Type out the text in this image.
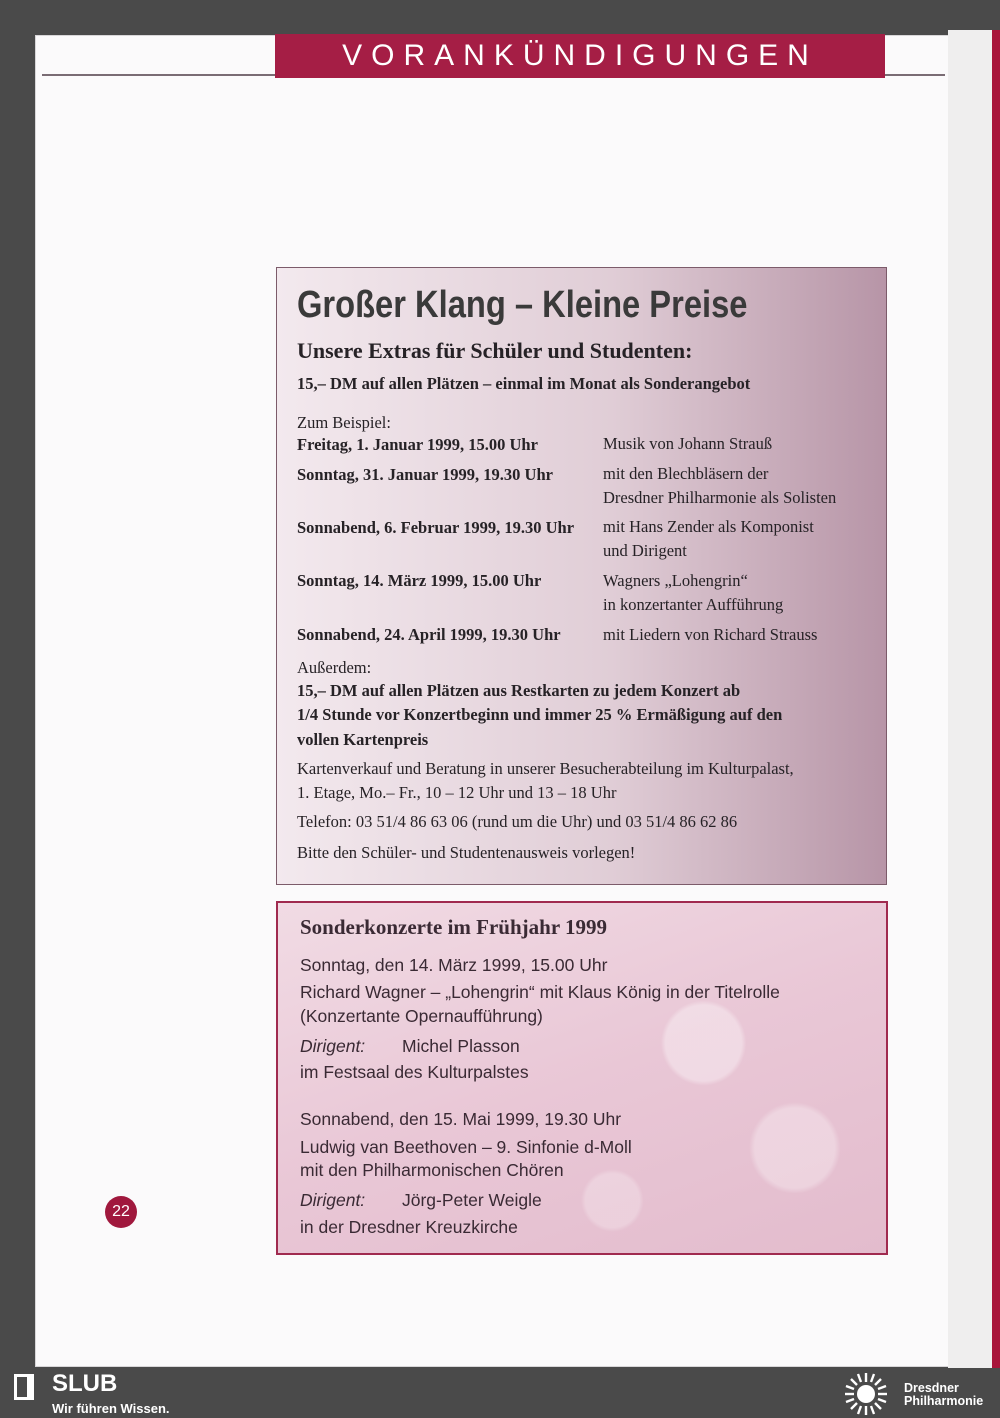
VORANKÜNDIGUNGEN
Großer Klang – Kleine Preise
Unsere Extras für Schüler und Studenten:
15,– DM auf allen Plätzen – einmal im Monat als Sonderangebot
Zum Beispiel:
Freitag, 1. Januar 1999, 15.00 Uhr	Musik von Johann Strauß
Sonntag, 31. Januar 1999, 19.30 Uhr	mit den Blechbläsern der
Dresdner Philharmonie als Solisten
Sonnabend, 6. Februar 1999, 19.30 Uhr mit Hans Zender als Komponist
und Dirigent
Sonntag, 14. März 1999, 15.00 Uhr	Wagners „Lohengrin“
in konzertanter Aufführung
Sonnabend, 24. April 1999, 19.30 Uhr	mit Liedern von Richard Strauss
Außerdem:
15,– DM auf allen Plätzen aus Restkarten zu jedem Konzert ab
1/4 Stunde vor Konzertbeginn und immer 25 % Ermäßigung auf den
vollen Kartenpreis
Kartenverkauf und Beratung in unserer Besucherabteilung im Kulturpalast,
1. Etage, Mo.– Fr., 10 – 12 Uhr und 13 – 18 Uhr
Telefon: 03 51/4 86 63 06 (rund um die Uhr) und 03 51/4 86 62 86
Bitte den Schüler- und Studentenausweis vorlegen!
Sonderkonzerte im Frühjahr 1999
Sonntag, den 14. März 1999, 15.00 Uhr
Richard Wagner – „Lohengrin“ mit Klaus König in der Titelrolle
(Konzertante Opernaufführung)
Dirigent: Michel Plasson
im Festsaal des Kulturpalstes
Sonnabend, den 15. Mai 1999, 19.30 Uhr
Ludwig van Beethoven – 9. Sinfonie d-Moll
mit den Philharmonischen Chören
Dirigent: Jörg-Peter Weigle
in der Dresdner Kreuzkirche
22
SLUB
Wir führen Wissen.
Dresdner
Philharmonie
